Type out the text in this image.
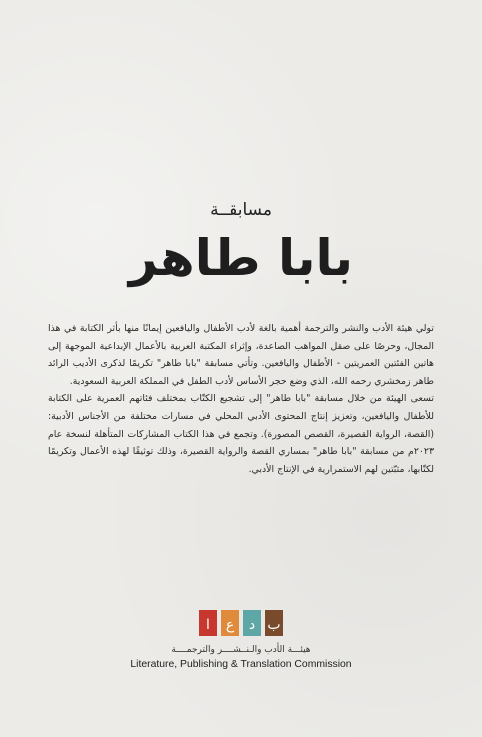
مسابقــة
بابا طاهر

تولي هيئة الأدب والنشر والترجمة أهمية بالغة لأدب الأطفال واليافعين إيمانًا منها بأثر الكتابة في هذا المجال، وحرصًا على صقل المواهب الصاعدة، وإثراء المكتبة العربية بالأعمال الإبداعية الموجهة إلى هاتين الفئتين العمريتين - الأطفال واليافعين. وتأتي مسابقة "بابا طاهر" تكريمًا لذكرى الأديب الرائد طاهر زمخشري رحمه الله، الذي وضع حجر الأساس لأدب الطفل في المملكة العربية السعودية.

تسعى الهيئة من خلال مسابقة "بابا طاهر" إلى تشجيع الكتّاب بمختلف فئاتهم العمرية على الكتابة للأطفال واليافعين، وتعزيز إنتاج المحتوى الأدبي المحلي في مسارات مختلفة من الأجناس الأدبية: (القصة، الرواية القصيرة، القصص المصورة). وتجمع في هذا الكتاب المشاركات المتأهلة لنسخة عام ٢٠٢٣م من مسابقة "بابا طاهر" بمساري القصة والرواية القصيرة، وذلك توثيقًا لهذه الأعمال وتكريمًا لكتّابها، مثبّتين لهم الاستمرارية في الإنتاج الأدبي.

ا ع د ب
هيئـــة الأدب والـنــشــــر والترجمــــة
Literature, Publishing & Translation Commission
